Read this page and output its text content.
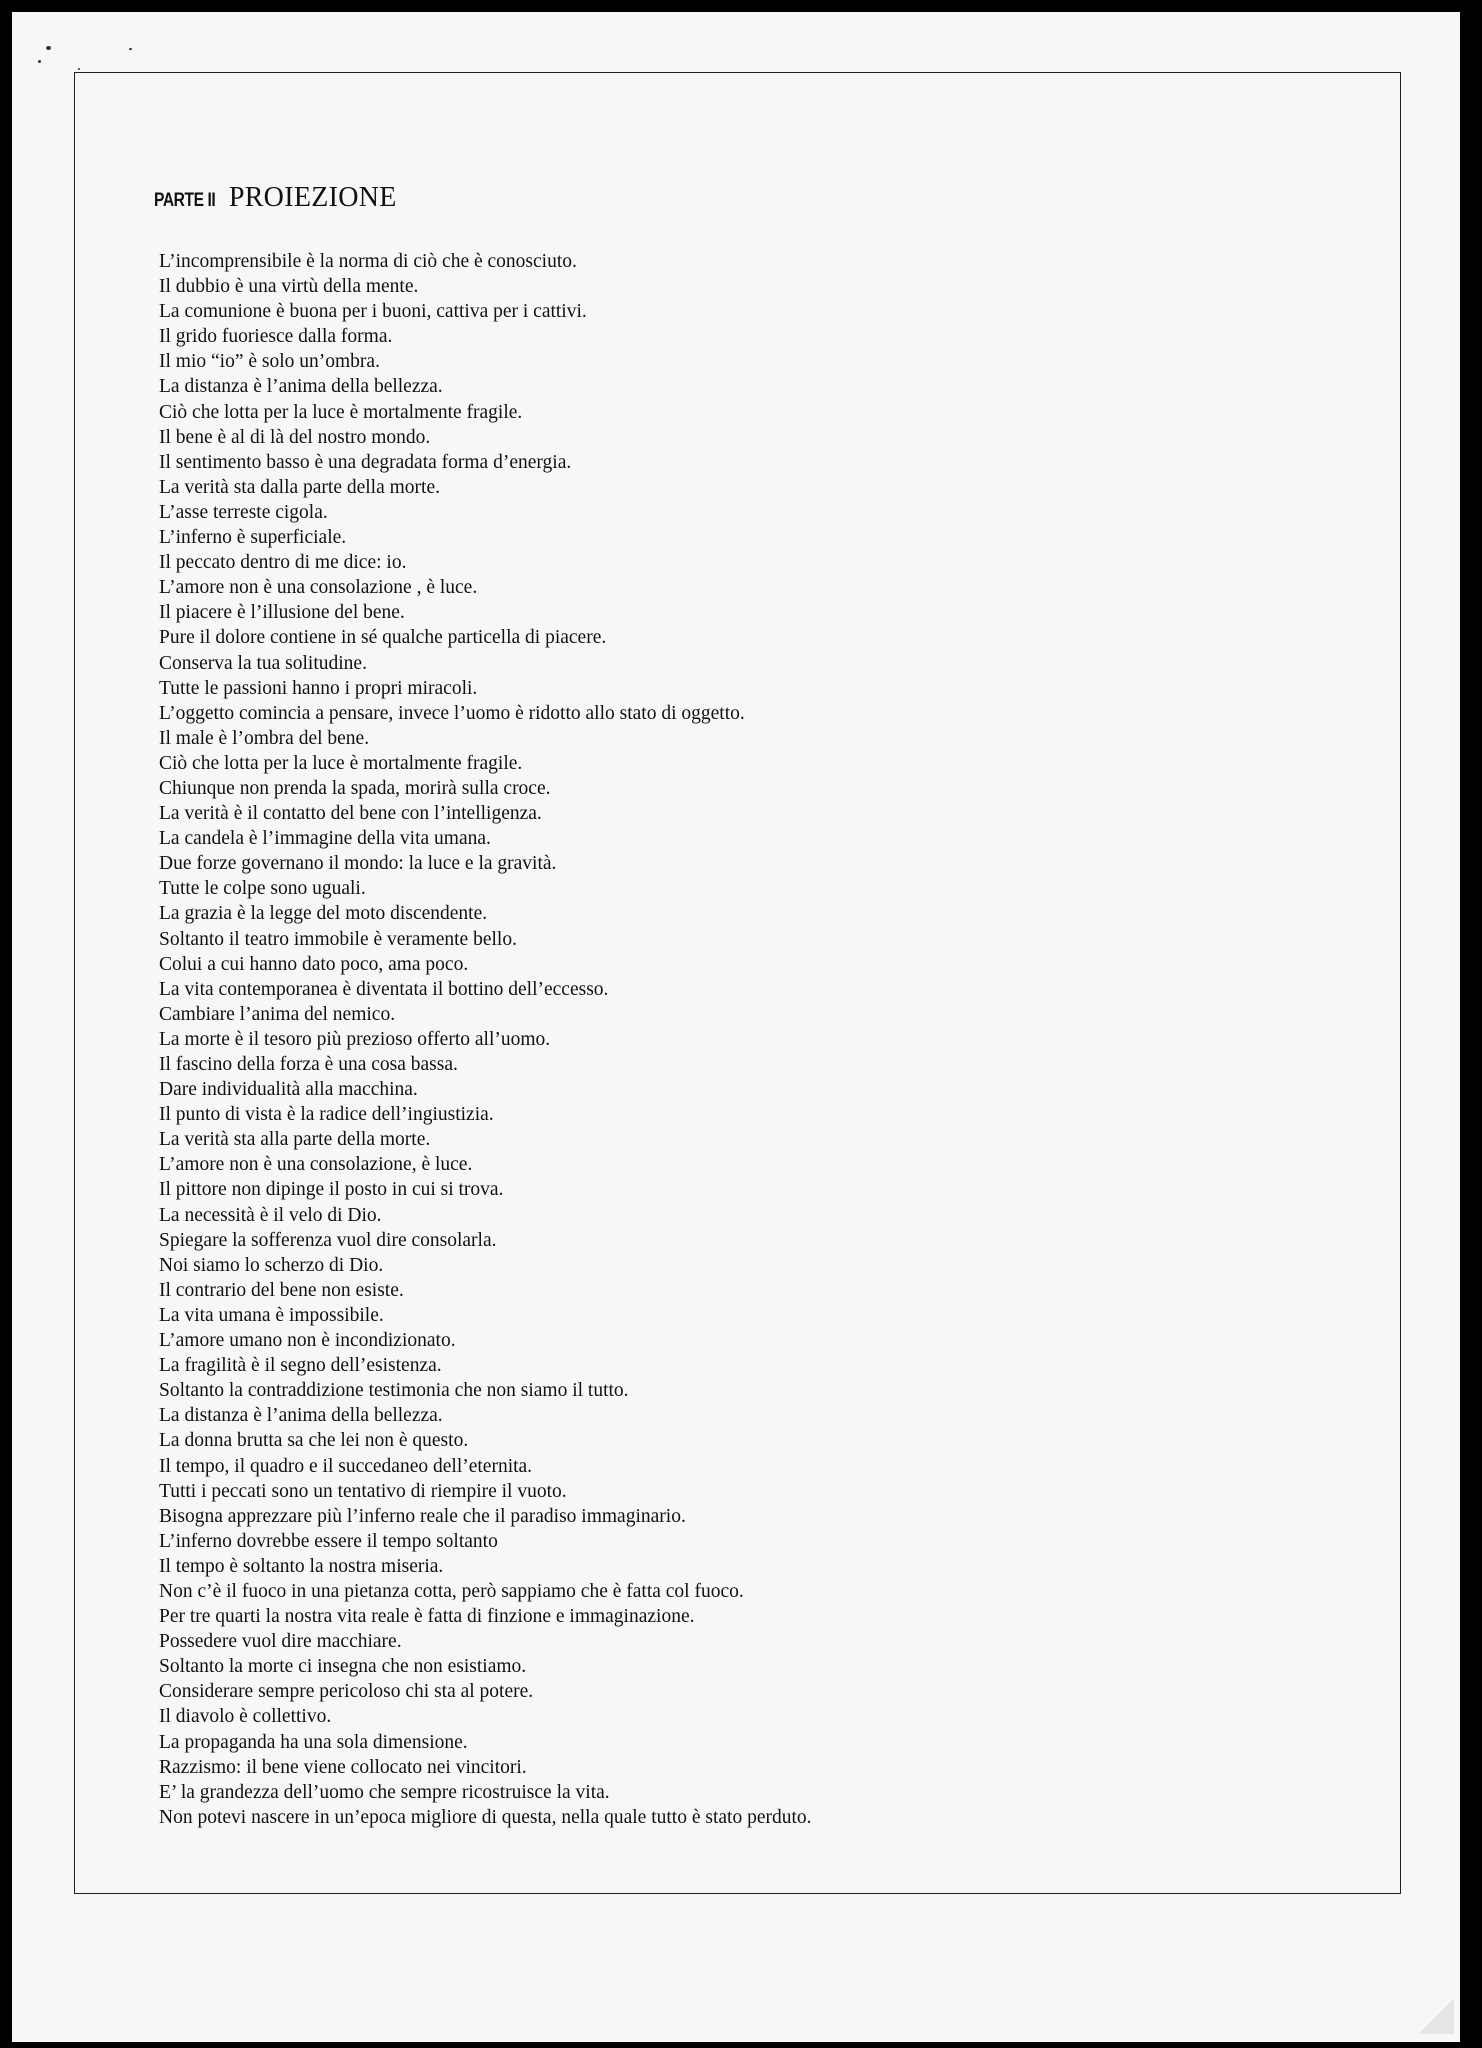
PARTE II PROIEZIONE
L’incomprensibile è la norma di ciò che è conosciuto.
Il dubbio è una virtù della mente.
La comunione è buona per i buoni, cattiva per i cattivi.
Il grido fuoriesce dalla forma.
Il mio “io” è solo un’ombra.
La distanza è l’anima della bellezza.
Ciò che lotta per la luce è mortalmente fragile.
Il bene è al di là del nostro mondo.
Il sentimento basso è una degradata forma d’energia.
La verità sta dalla parte della morte.
L’asse terreste cigola.
L’inferno è superficiale.
Il peccato dentro di me dice: io.
L’amore non è una consolazione , è luce.
Il piacere è l’illusione del bene.
Pure il dolore contiene in sé qualche particella di piacere.
Conserva la tua solitudine.
Tutte le passioni hanno i propri miracoli.
L’oggetto comincia a pensare, invece l’uomo è ridotto allo stato di oggetto.
Il male è l’ombra del bene.
Ciò che lotta per la luce è mortalmente fragile.
Chiunque non prenda la spada, morirà sulla croce.
La verità è il contatto del bene con l’intelligenza.
La candela è l’immagine della vita umana.
Due forze governano il mondo: la luce e la gravità.
Tutte le colpe sono uguali.
La grazia è la legge del moto discendente.
Soltanto il teatro immobile è veramente bello.
Colui a cui hanno dato poco, ama poco.
La vita contemporanea è diventata il bottino dell’eccesso.
Cambiare l’anima del nemico.
La morte è il tesoro più prezioso offerto all’uomo.
Il fascino della forza è una cosa bassa.
Dare individualità alla macchina.
Il punto di vista è la radice dell’ingiustizia.
La verità sta alla parte della morte.
L’amore non è una consolazione, è luce.
Il pittore non dipinge il posto in cui si trova.
La necessità è il velo di Dio.
Spiegare la sofferenza vuol dire consolarla.
Noi siamo lo scherzo di Dio.
Il contrario del bene non esiste.
La vita umana è impossibile.
L’amore umano non è incondizionato.
La fragilità è il segno dell’esistenza.
Soltanto la contraddizione testimonia che non siamo il tutto.
La distanza è l’anima della bellezza.
La donna brutta sa che lei non è questo.
Il tempo, il quadro e il succedaneo dell’eternita.
Tutti i peccati sono un tentativo di riempire il vuoto.
Bisogna apprezzare più l’inferno reale che il paradiso immaginario.
L’inferno dovrebbe essere il tempo soltanto
Il tempo è soltanto la nostra miseria.
Non c’è il fuoco in una pietanza cotta, però sappiamo che è fatta col fuoco.
Per tre quarti la nostra vita reale è fatta di finzione e immaginazione.
Possedere vuol dire macchiare.
Soltanto la morte ci insegna che non esistiamo.
Considerare sempre pericoloso chi sta al potere.
Il diavolo è collettivo.
La propaganda ha una sola dimensione.
Razzismo: il bene viene collocato nei vincitori.
E’ la grandezza dell’uomo che sempre ricostruisce la vita.
Non potevi nascere in un’epoca migliore di questa, nella quale tutto è stato perduto.
